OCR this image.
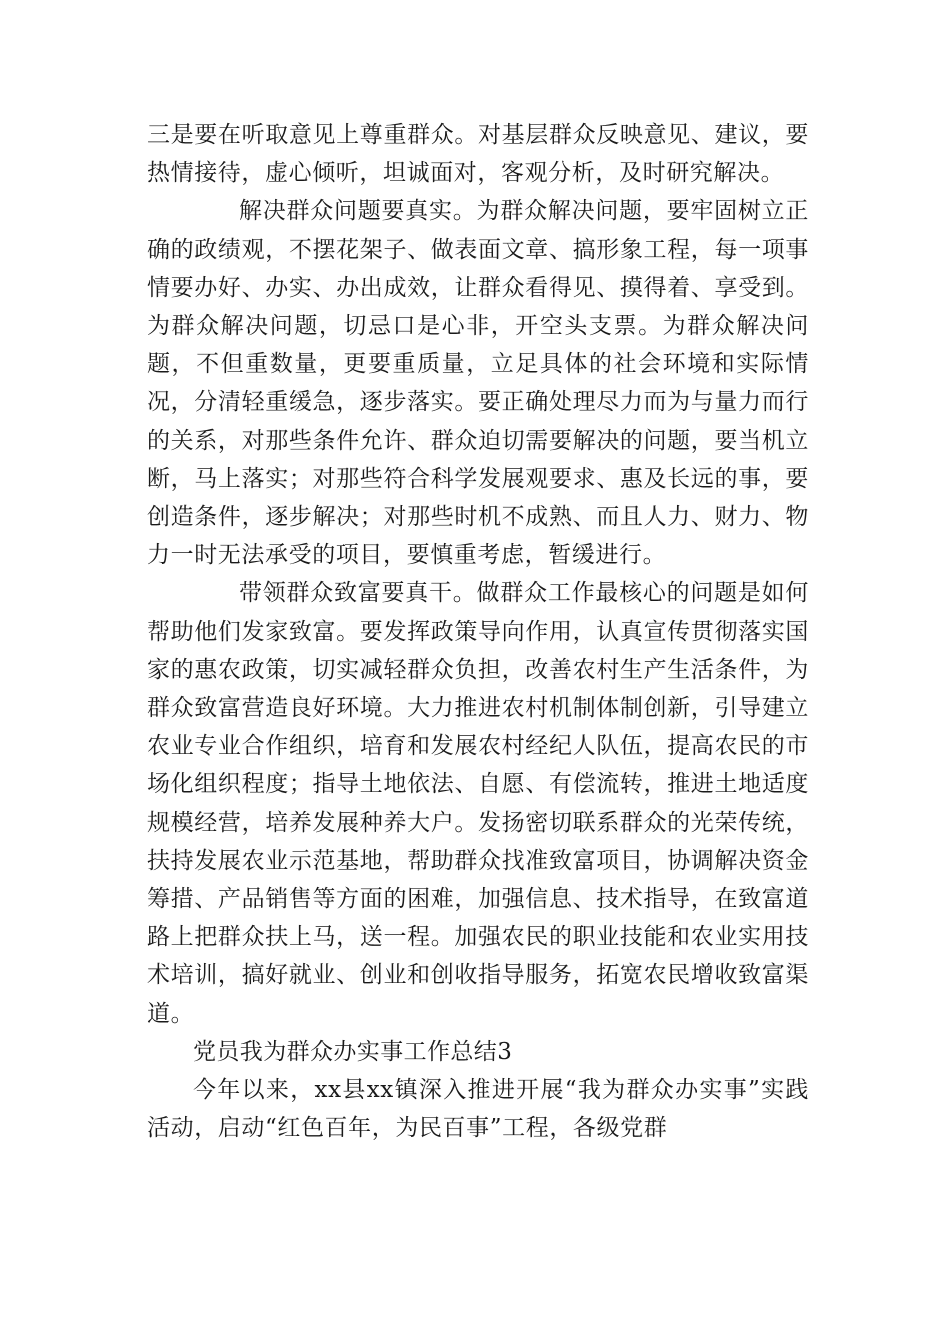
三是要在听取意见上尊重群众。对基层群众反映意见、建议，要热情接待，虚心倾听，坦诚面对，客观分析，及时研究解决。

解决群众问题要真实。为群众解决问题，要牢固树立正确的政绩观，不摆花架子、做表面文章、搞形象工程，每一项事情要办好、办实、办出成效，让群众看得见、摸得着、享受到。为群众解决问题，切忌口是心非，开空头支票。为群众解决问题，不但重数量，更要重质量，立足具体的社会环境和实际情况，分清轻重缓急，逐步落实。要正确处理尽力而为与量力而行的关系，对那些条件允许、群众迫切需要解决的问题，要当机立断，马上落实；对那些符合科学发展观要求、惠及长远的事，要创造条件，逐步解决；对那些时机不成熟、而且人力、财力、物力一时无法承受的项目，要慎重考虑，暂缓进行。

带领群众致富要真干。做群众工作最核心的问题是如何帮助他们发家致富。要发挥政策导向作用，认真宣传贯彻落实国家的惠农政策，切实减轻群众负担，改善农村生产生活条件，为群众致富营造良好环境。大力推进农村机制体制创新，引导建立农业专业合作组织，培育和发展农村经纪人队伍，提高农民的市场化组织程度；指导土地依法、自愿、有偿流转，推进土地适度规模经营，培养发展种养大户。发扬密切联系群众的光荣传统，扶持发展农业示范基地，帮助群众找准致富项目，协调解决资金筹措、产品销售等方面的困难，加强信息、技术指导，在致富道路上把群众扶上马，送一程。加强农民的职业技能和农业实用技术培训，搞好就业、创业和创收指导服务，拓宽农民增收致富渠道。

党员我为群众办实事工作总结3

今年以来，xx县xx镇深入推进开展“我为群众办实事”实践活动，启动“红色百年，为民百事”工程，各级党群
